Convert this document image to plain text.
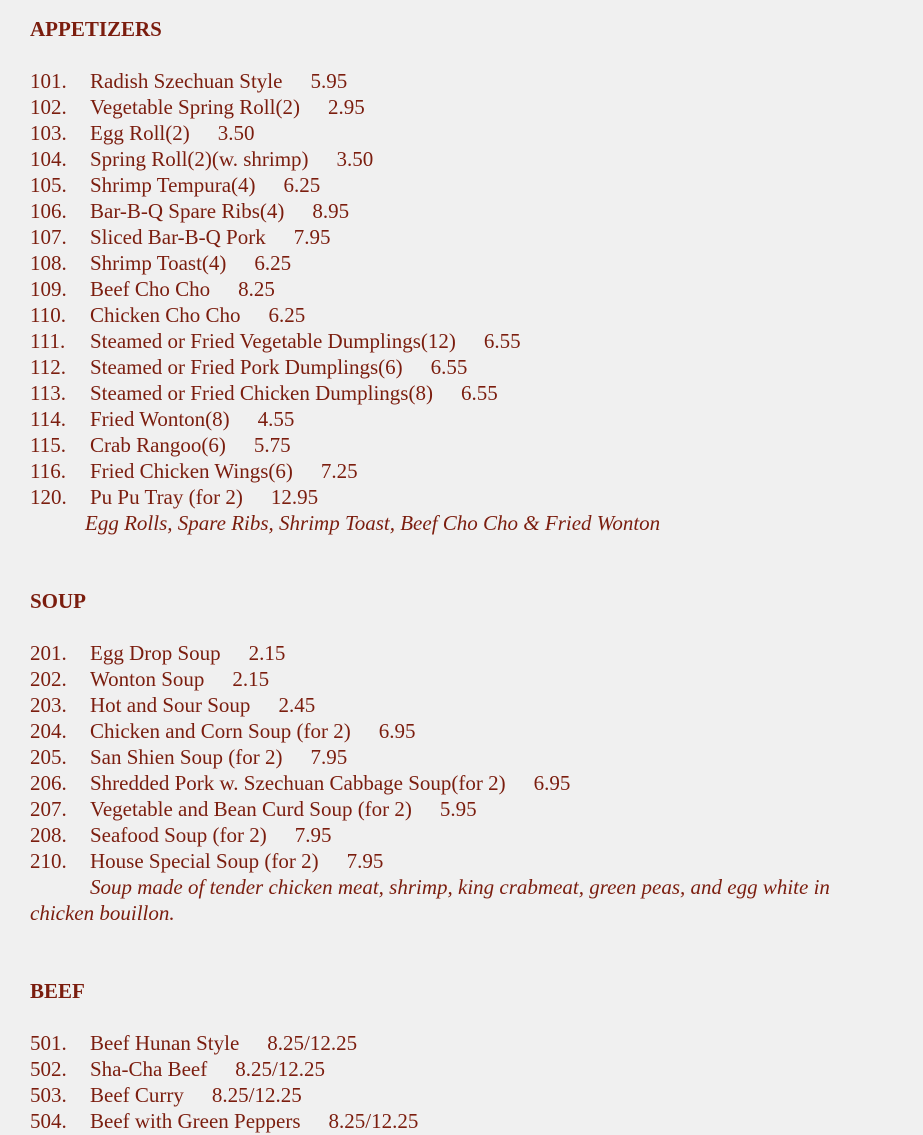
APPETIZERS
101. Radish Szechuan Style 5.95
102. Vegetable Spring Roll(2) 2.95
103. Egg Roll(2) 3.50
104. Spring Roll(2)(w. shrimp) 3.50
105. Shrimp Tempura(4) 6.25
106. Bar-B-Q Spare Ribs(4) 8.95
107. Sliced Bar-B-Q Pork 7.95
108. Shrimp Toast(4) 6.25
109. Beef Cho Cho 8.25
110. Chicken Cho Cho 6.25
111. Steamed or Fried Vegetable Dumplings(12) 6.55
112. Steamed or Fried Pork Dumplings(6) 6.55
113. Steamed or Fried Chicken Dumplings(8) 6.55
114. Fried Wonton(8) 4.55
115. Crab Rangoo(6) 5.75
116. Fried Chicken Wings(6) 7.25
120. Pu Pu Tray (for 2) 12.95
Egg Rolls, Spare Ribs, Shrimp Toast, Beef Cho Cho & Fried Wonton
SOUP
201. Egg Drop Soup 2.15
202. Wonton Soup 2.15
203. Hot and Sour Soup 2.45
204. Chicken and Corn Soup (for 2) 6.95
205. San Shien Soup (for 2) 7.95
206. Shredded Pork w. Szechuan Cabbage Soup(for 2) 6.95
207. Vegetable and Bean Curd Soup (for 2) 5.95
208. Seafood Soup (for 2) 7.95
210. House Special Soup (for 2) 7.95
Soup made of tender chicken meat, shrimp, king crabmeat, green peas, and egg white in chicken bouillon.
BEEF
501. Beef Hunan Style 8.25/12.25
502. Sha-Cha Beef 8.25/12.25
503. Beef Curry 8.25/12.25
504. Beef with Green Peppers 8.25/12.25
